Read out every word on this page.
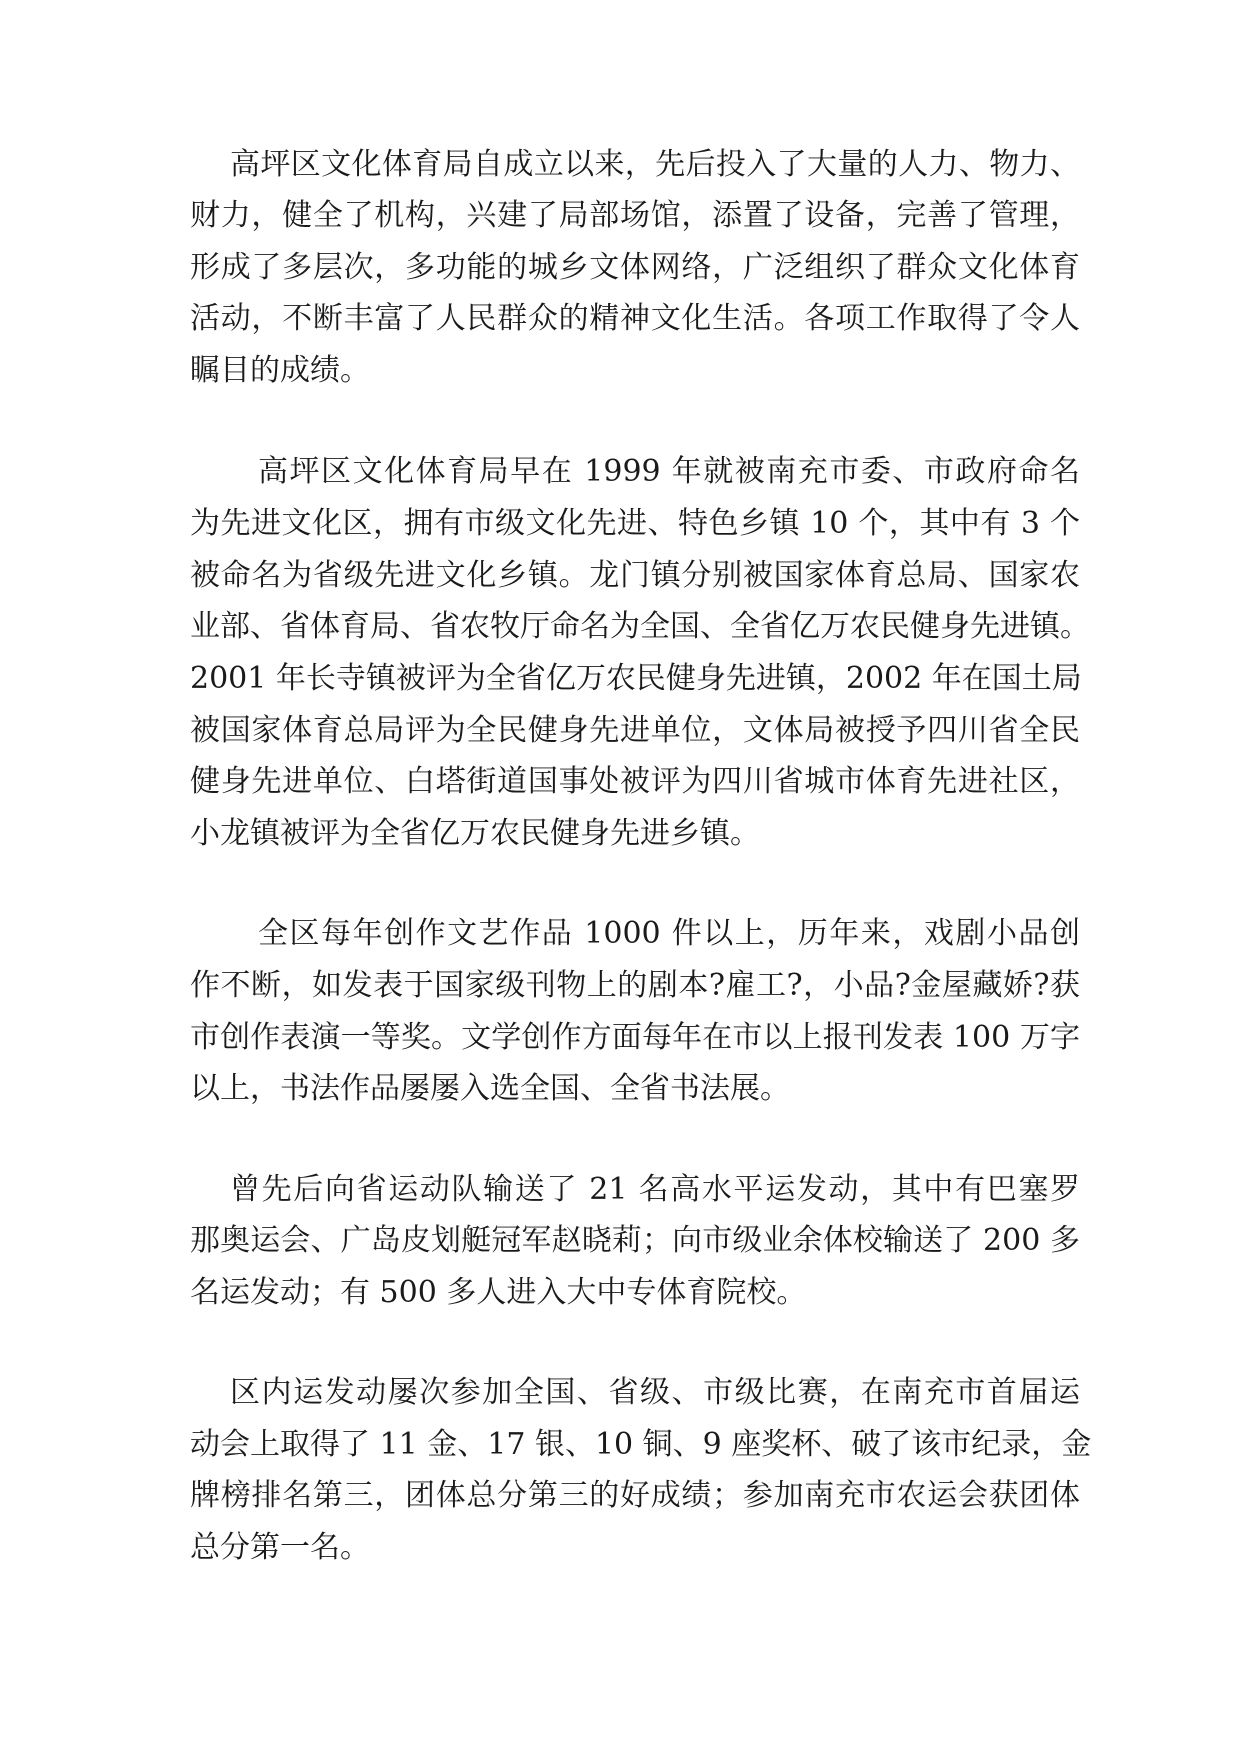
高坪区文化体育局自成立以来，先后投入了大量的人力、物力、
财力，健全了机构，兴建了局部场馆，添置了设备，完善了管理，
形成了多层次，多功能的城乡文体网络，广泛组织了群众文化体育
活动，不断丰富了人民群众的精神文化生活。各项工作取得了令人
瞩目的成绩。
高坪区文化体育局早在 1999 年就被南充市委、市政府命名
为先进文化区，拥有市级文化先进、特色乡镇 10 个，其中有 3 个
被命名为省级先进文化乡镇。龙门镇分别被国家体育总局、国家农
业部、省体育局、省农牧厅命名为全国、全省亿万农民健身先进镇。
2001 年长寺镇被评为全省亿万农民健身先进镇，2002 年在国土局
被国家体育总局评为全民健身先进单位，文体局被授予四川省全民
健身先进单位、白塔街道国事处被评为四川省城市体育先进社区，
小龙镇被评为全省亿万农民健身先进乡镇。
全区每年创作文艺作品 1000 件以上，历年来，戏剧小品创
作不断，如发表于国家级刊物上的剧本?雇工?，小品?金屋藏娇?获
市创作表演一等奖。文学创作方面每年在市以上报刊发表 100 万字
以上，书法作品屡屡入选全国、全省书法展。
曾先后向省运动队输送了 21 名高水平运发动，其中有巴塞罗
那奥运会、广岛皮划艇冠军赵晓莉；向市级业余体校输送了 200 多
名运发动；有 500 多人进入大中专体育院校。
区内运发动屡次参加全国、省级、市级比赛，在南充市首届运
动会上取得了 11 金、17 银、10 铜、9 座奖杯、破了该市纪录，金
牌榜排名第三，团体总分第三的好成绩；参加南充市农运会获团体
总分第一名。
